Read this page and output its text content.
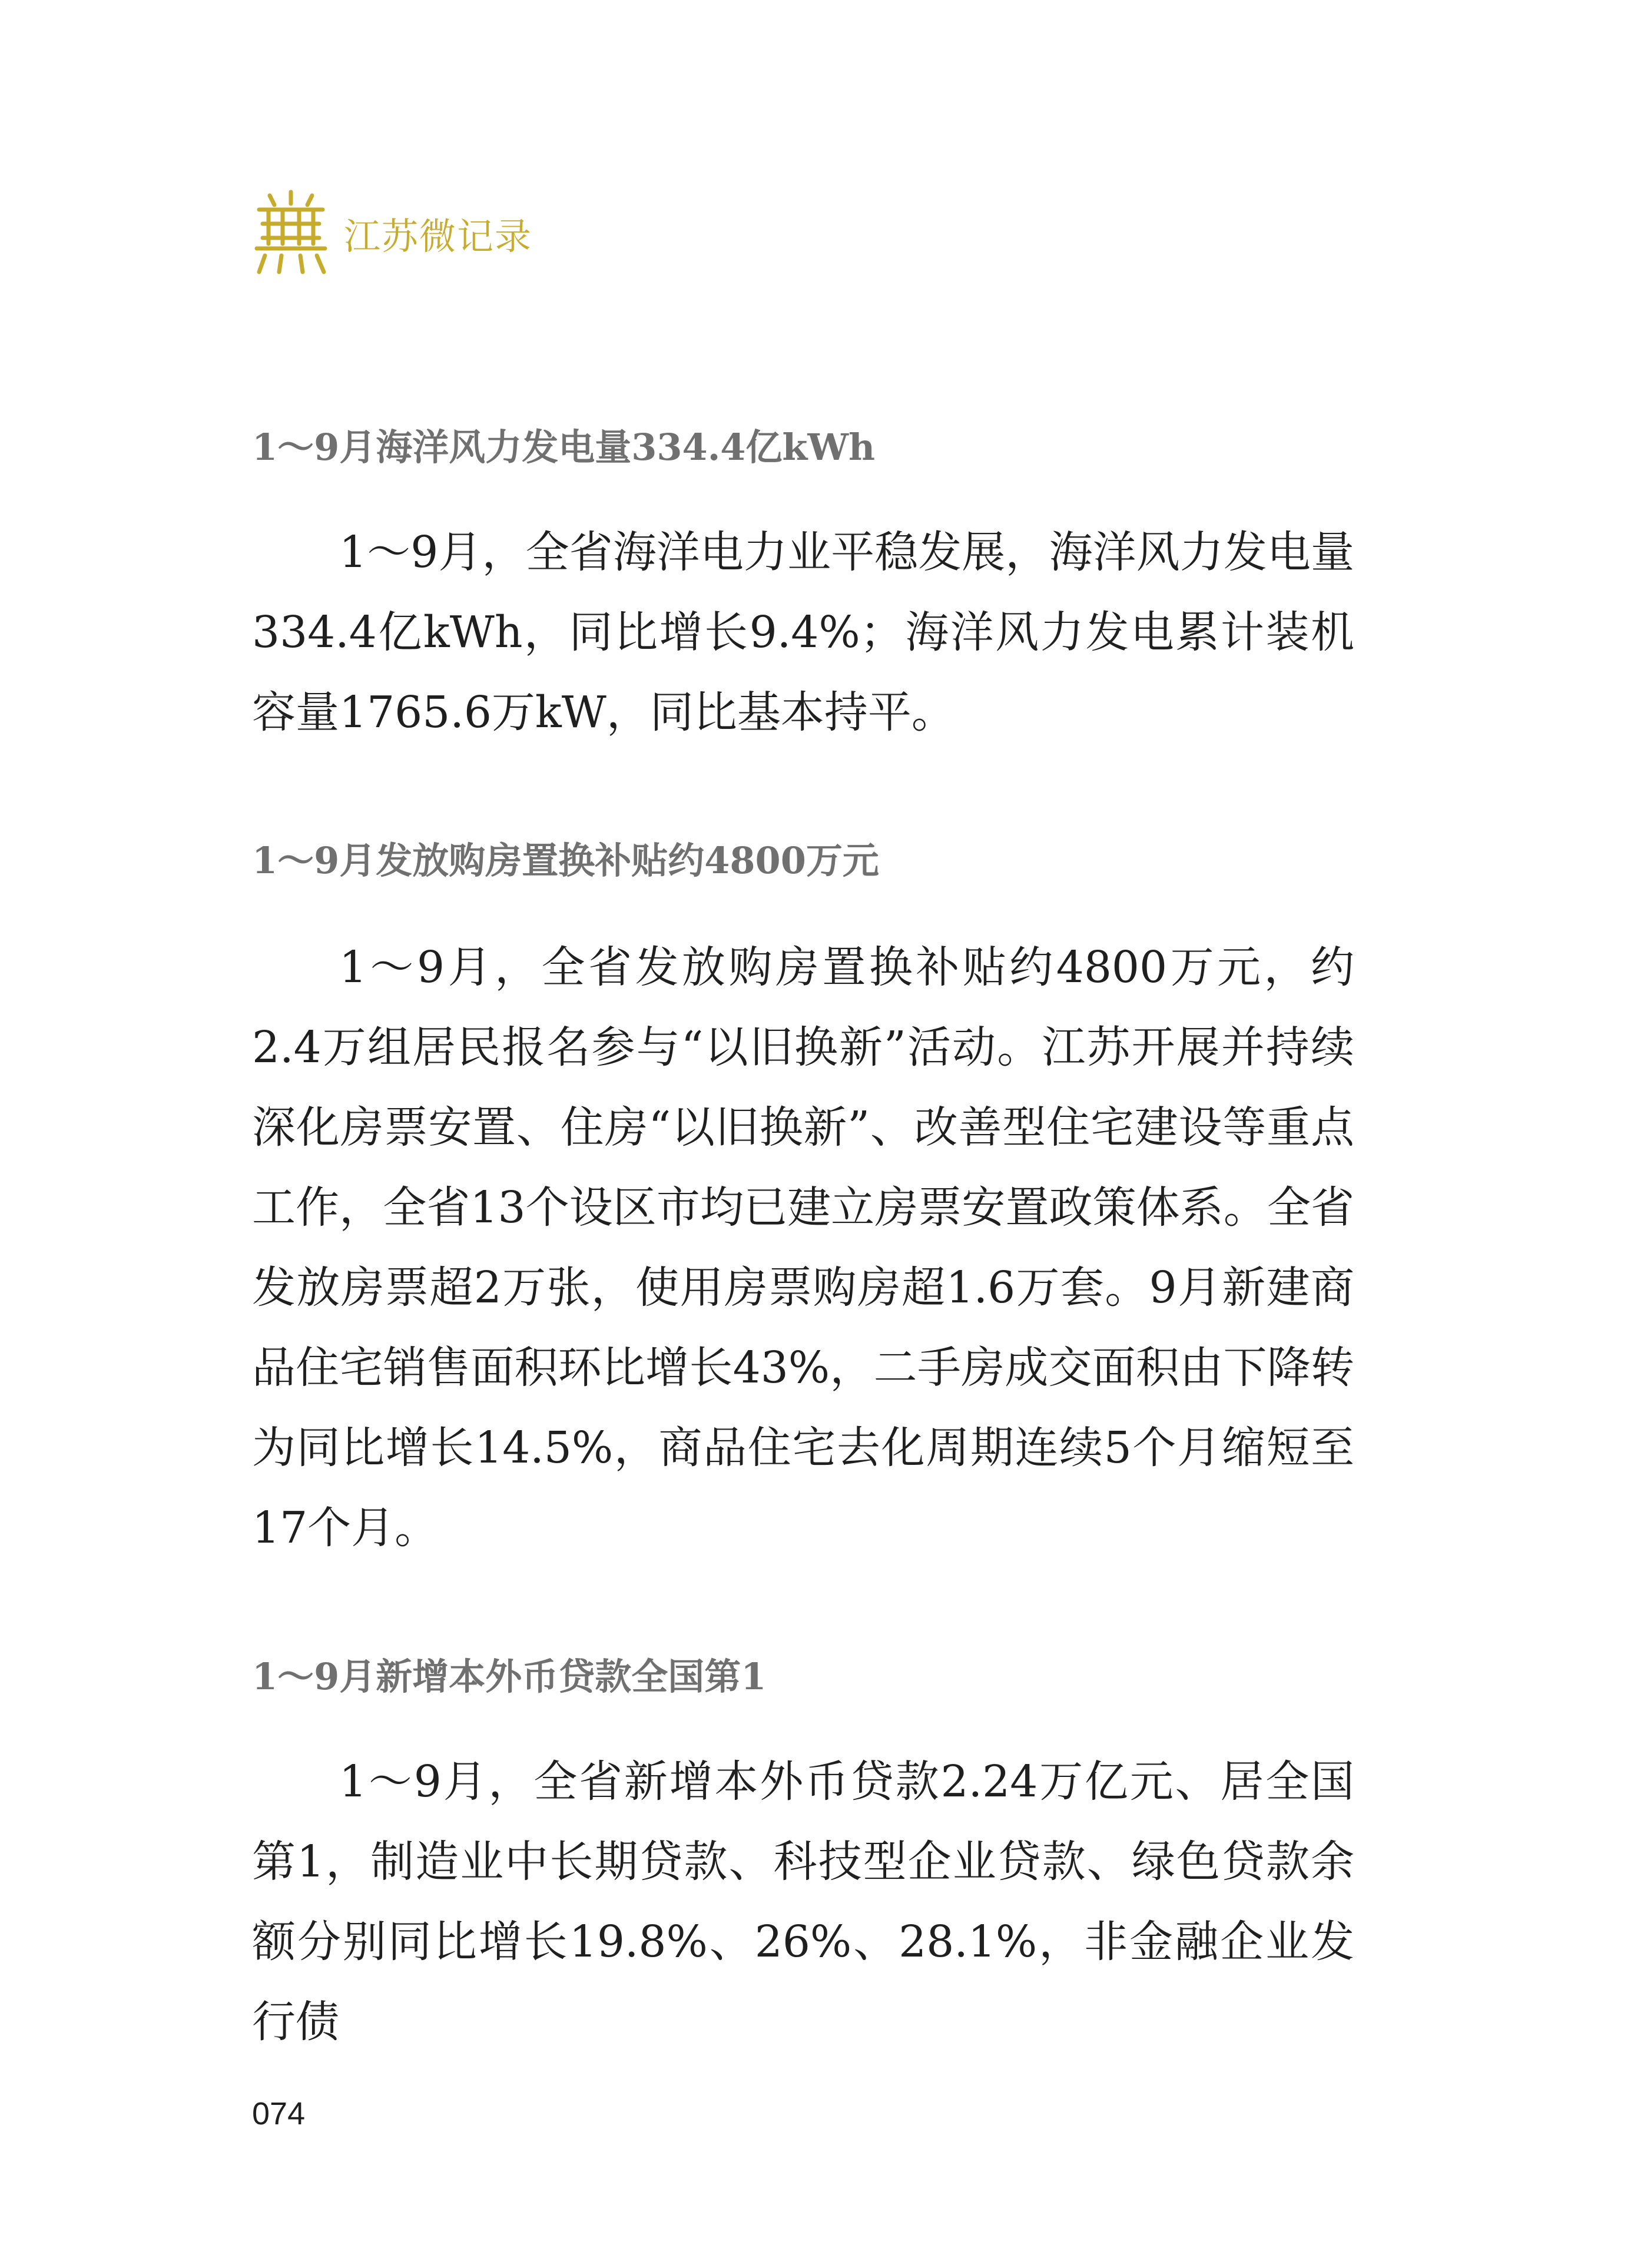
江苏微记录
1～9月海洋风力发电量334.4亿kWh
1～9月，全省海洋电力业平稳发展，海洋风力发电量334.4亿kWh，同比增长9.4%；海洋风力发电累计装机容量1765.6万kW，同比基本持平。
1～9月发放购房置换补贴约4800万元
1～9月，全省发放购房置换补贴约4800万元，约2.4万组居民报名参与“以旧换新”活动。江苏开展并持续深化房票安置、住房“以旧换新”、改善型住宅建设等重点工作，全省13个设区市均已建立房票安置政策体系。全省发放房票超2万张，使用房票购房超1.6万套。9月新建商品住宅销售面积环比增长43%，二手房成交面积由下降转为同比增长14.5%，商品住宅去化周期连续5个月缩短至17个月。
1～9月新增本外币贷款全国第1
1～9月，全省新增本外币贷款2.24万亿元、居全国第1，制造业中长期贷款、科技型企业贷款、绿色贷款余额分别同比增长19.8%、26%、28.1%，非金融企业发行债
074
